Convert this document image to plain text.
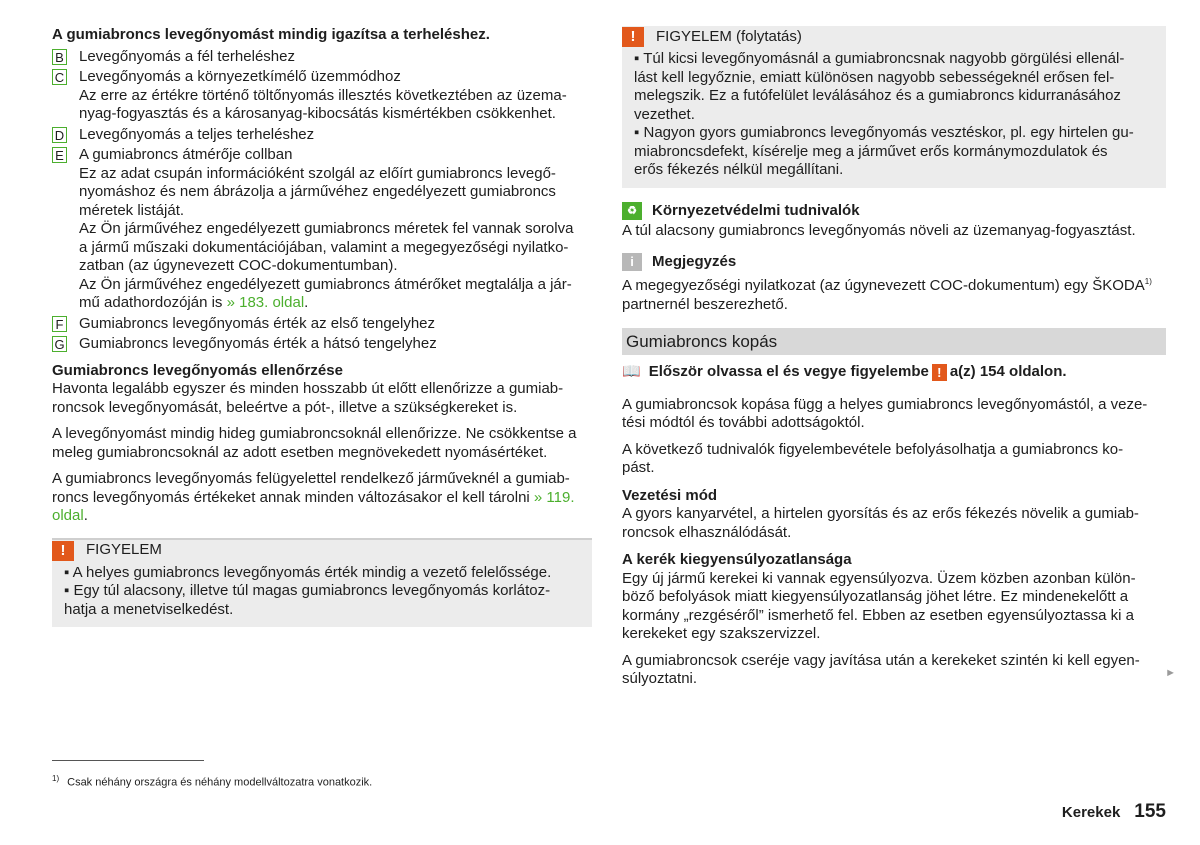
A gumiabroncs levegőnyomást mindig igazítsa a terheléshez.

B Levegőnyomás a fél terheléshez

C Levegőnyomás a környezetkímélő üzemmódhoz

Az erre az értékre történő töltőnyomás illesztés következtében az üzema-

nyag-fogyasztás és a károsanyag-kibocsátás kismértékben csökkenhet.

D Levegőnyomás a teljes terheléshez

E A gumiabroncs átmérője collban

Ez az adat csupán információként szolgál az előírt gumiabroncs levegő-

nyomáshoz és nem ábrázolja a járművéhez engedélyezett gumiabroncs

méretek listáját.

Az Ön járművéhez engedélyezett gumiabroncs méretek fel vannak sorolva

a jármű műszaki dokumentációjában, valamint a megegyezőségi nyilatko-

zatban (az úgynevezett COC-dokumentumban).

Az Ön járművéhez engedélyezett gumiabroncs átmérőket megtalálja a jár-

mű adathordozóján is » 183. oldal.

F Gumiabroncs levegőnyomás érték az első tengelyhez

G Gumiabroncs levegőnyomás érték a hátsó tengelyhez

Gumiabroncs levegőnyomás ellenőrzése

Havonta legalább egyszer és minden hosszabb út előtt ellenőrizze a gumiab-

roncsok levegőnyomását, beleértve a pót-, illetve a szükségkereket is.

A levegőnyomást mindig hideg gumiabroncsoknál ellenőrizze. Ne csökkentse a

meleg gumiabroncsoknál az adott esetben megnövekedett nyomásértéket.

A gumiabroncs levegőnyomás felügyelettel rendelkező járműveknél a gumiab-

roncs levegőnyomás értékeket annak minden változásakor el kell tárolni » 119.

oldal.

!	FIGYELEM

▪ A helyes gumiabroncs levegőnyomás érték mindig a vezető felelőssége.

▪ Egy túl alacsony, illetve túl magas gumiabroncs levegőnyomás korlátoz-

hatja a menetviselkedést.

!	FIGYELEM (folytatás)

▪ Túl kicsi levegőnyomásnál a gumiabroncsnak nagyobb görgülési ellenál-

lást kell legyőznie, emiatt különösen nagyobb sebességeknél erősen fel-

melegszik. Ez a futófelület leválásához és a gumiabroncs kidurranásához

vezethet.

▪ Nagyon gyors gumiabroncs levegőnyomás vesztéskor, pl. egy hirtelen gu-

miabroncsdefekt, kísérelje meg a járművet erős kormánymozdulatok és

erős fékezés nélkül megállítani.

♻	Környezetvédelmi tudnivalók

A túl alacsony gumiabroncs levegőnyomás növeli az üzemanyag-fogyasztást.

i	Megjegyzés

A megegyezőségi nyilatkozat (az úgynevezett COC-dokumentum) egy ŠKODA$^{1)}$

partnernél beszerezhető.

Gumiabroncs kopás
📖 Először olvassa el és vegye figyelembe ! a(z) 154 oldalon.

A gumiabroncsok kopása függ a helyes gumiabroncs levegőnyomástól, a veze-

tési módtól és további adottságoktól.

A következő tudnivalók figyelembevétele befolyásolhatja a gumiabroncs ko-

pást.

Vezetési mód

A gyors kanyarvétel, a hirtelen gyorsítás és az erős fékezés növelik a gumiab-

roncsok elhasználódását.

A kerék kiegyensúlyozatlansága

Egy új jármű kerekei ki vannak egyensúlyozva. Üzem közben azonban külön-

böző befolyások miatt kiegyensúlyozatlanság jöhet létre. Ez mindenekelőtt a

kormány „rezgéséről” ismerhető fel. Ebben az esetben egyensúlyoztassa ki a

kerekeket egy szakszervizzel.

A gumiabroncsok cseréje vagy javítása után a kerekeket szintén ki kell egyen-

súlyoztatni.	►
$^{1)}$ Csak néhány országra és néhány modellváltozatra vonatkozik.
Kerekek 155
